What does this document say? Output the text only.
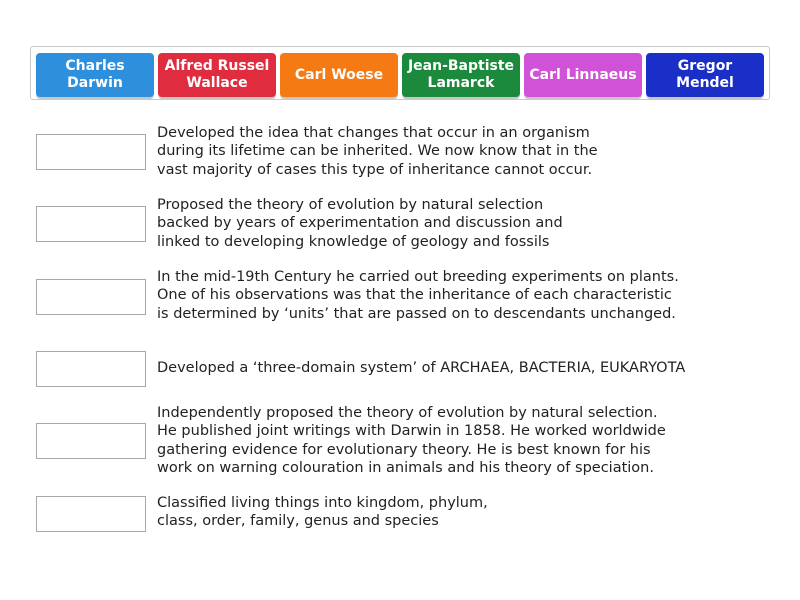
Charles
Darwin
Alfred Russel
Wallace
Carl Woese
Jean-Baptiste
Lamarck
Carl Linnaeus
Gregor
Mendel
Developed the idea that changes that occur in an organism
during its lifetime can be inherited. We now know that in the
vast majority of cases this type of inheritance cannot occur.
Proposed the theory of evolution by natural selection
backed by years of experimentation and discussion and
linked to developing knowledge of geology and fossils
In the mid-19th Century he carried out breeding experiments on plants.
One of his observations was that the inheritance of each characteristic
is determined by ‘units’ that are passed on to descendants unchanged.
Developed a ‘three-domain system’ of ARCHAEA, BACTERIA, EUKARYOTA
Independently proposed the theory of evolution by natural selection.
He published joint writings with Darwin in 1858. He worked worldwide
gathering evidence for evolutionary theory. He is best known for his
work on warning colouration in animals and his theory of speciation.
Classified living things into kingdom, phylum,
class, order, family, genus and species
